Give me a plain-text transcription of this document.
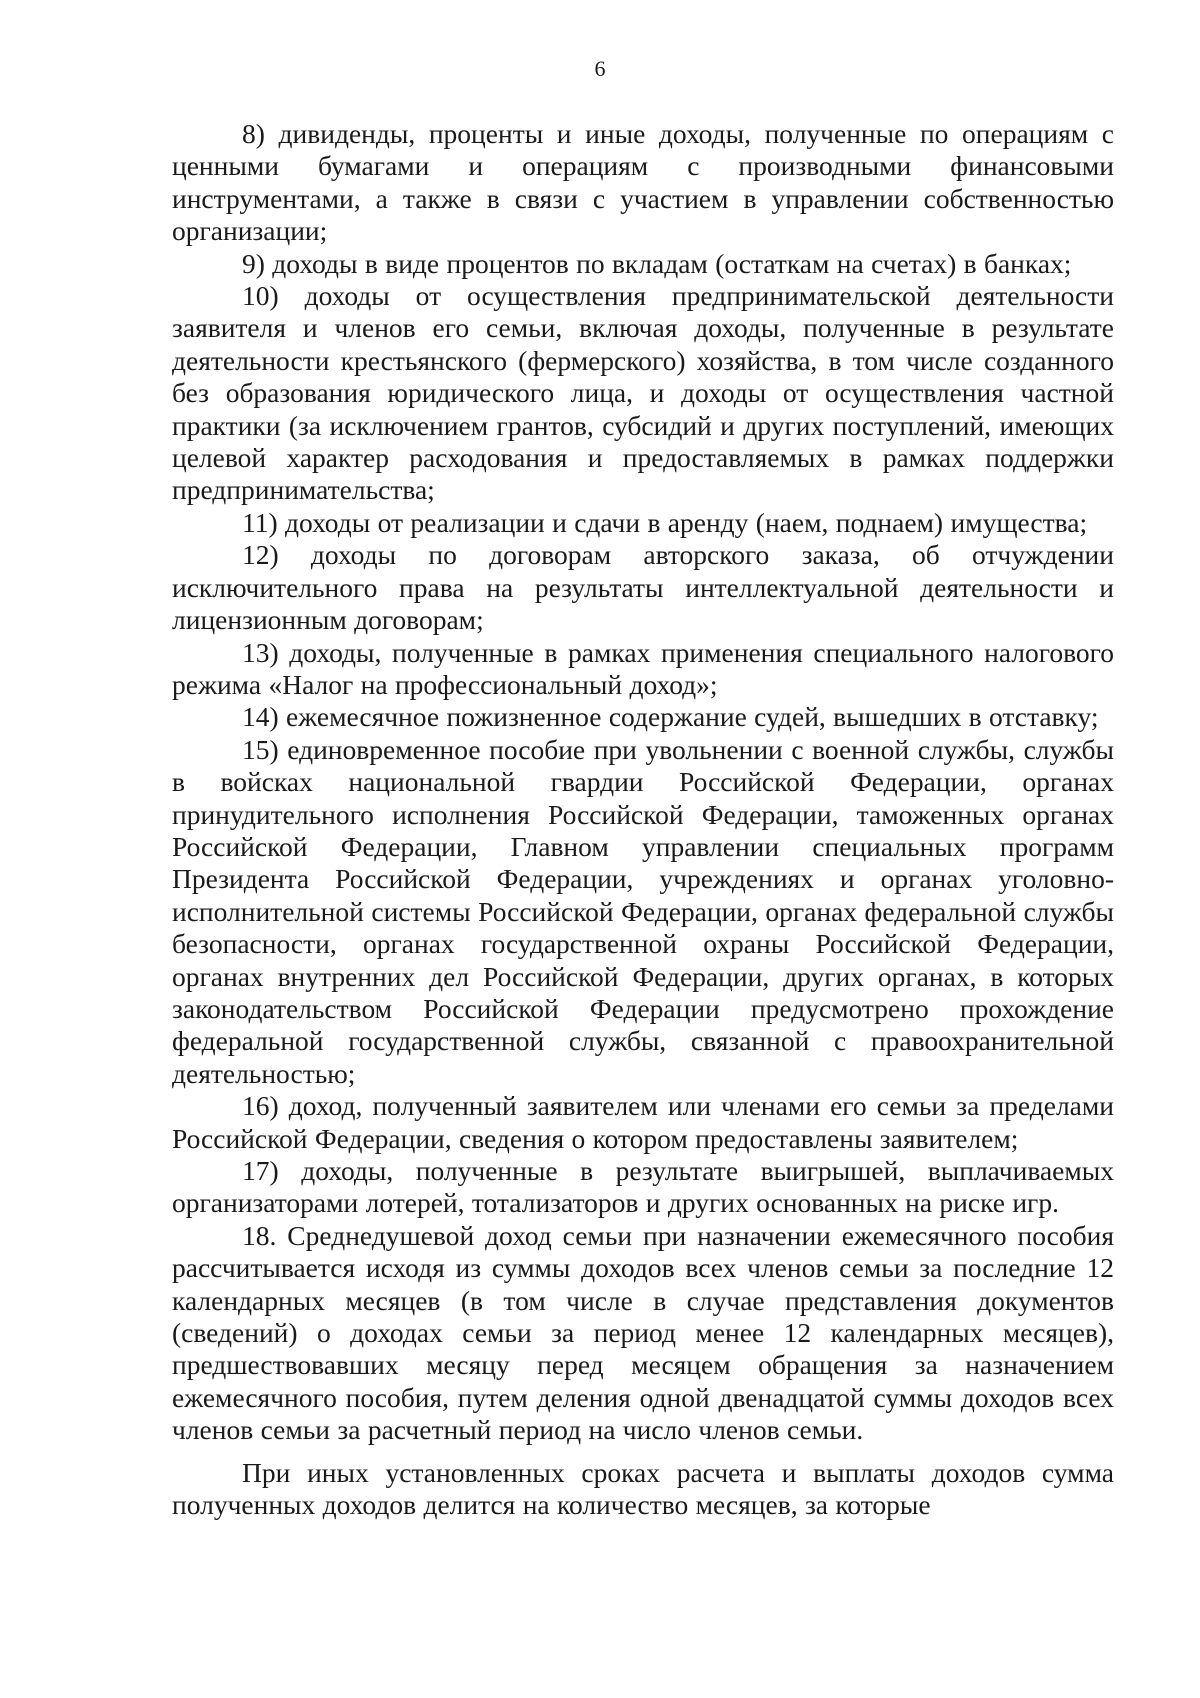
6

8) дивиденды, проценты и иные доходы, полученные по операциям с ценными бумагами и операциям с производными финансовыми инструментами, а также в связи с участием в управлении собственностью организации;

9) доходы в виде процентов по вкладам (остаткам на счетах) в банках;

10) доходы от осуществления предпринимательской деятельности заявителя и членов его семьи, включая доходы, полученные в результате деятельности крестьянского (фермерского) хозяйства, в том числе созданного без образования юридического лица, и доходы от осуществления частной практики (за исключением грантов, субсидий и других поступлений, имеющих целевой характер расходования и предоставляемых в рамках поддержки предпринимательства;

11) доходы от реализации и сдачи в аренду (наем, поднаем) имущества;

12) доходы по договорам авторского заказа, об отчуждении исключительного права на результаты интеллектуальной деятельности и лицензионным договорам;

13) доходы, полученные в рамках применения специального налогового режима «Налог на профессиональный доход»;

14) ежемесячное пожизненное содержание судей, вышедших в отставку;

15) единовременное пособие при увольнении с военной службы, службы в войсках национальной гвардии Российской Федерации, органах принудительного исполнения Российской Федерации, таможенных органах Российской Федерации, Главном управлении специальных программ Президента Российской Федерации, учреждениях и органах уголовно-исполнительной системы Российской Федерации, органах федеральной службы безопасности, органах государственной охраны Российской Федерации, органах внутренних дел Российской Федерации, других органах, в которых законодательством Российской Федерации предусмотрено прохождение федеральной государственной службы, связанной с правоохранительной деятельностью;

16) доход, полученный заявителем или членами его семьи за пределами Российской Федерации, сведения о котором предоставлены заявителем;

17) доходы, полученные в результате выигрышей, выплачиваемых организаторами лотерей, тотализаторов и других основанных на риске игр.

18. Среднедушевой доход семьи при назначении ежемесячного пособия рассчитывается исходя из суммы доходов всех членов семьи за последние 12 календарных месяцев (в том числе в случае представления документов (сведений) о доходах семьи за период менее 12 календарных месяцев), предшествовавших месяцу перед месяцем обращения за назначением ежемесячного пособия, путем деления одной двенадцатой суммы доходов всех членов семьи за расчетный период на число членов семьи.

При иных установленных сроках расчета и выплаты доходов сумма полученных доходов делится на количество месяцев, за которые
